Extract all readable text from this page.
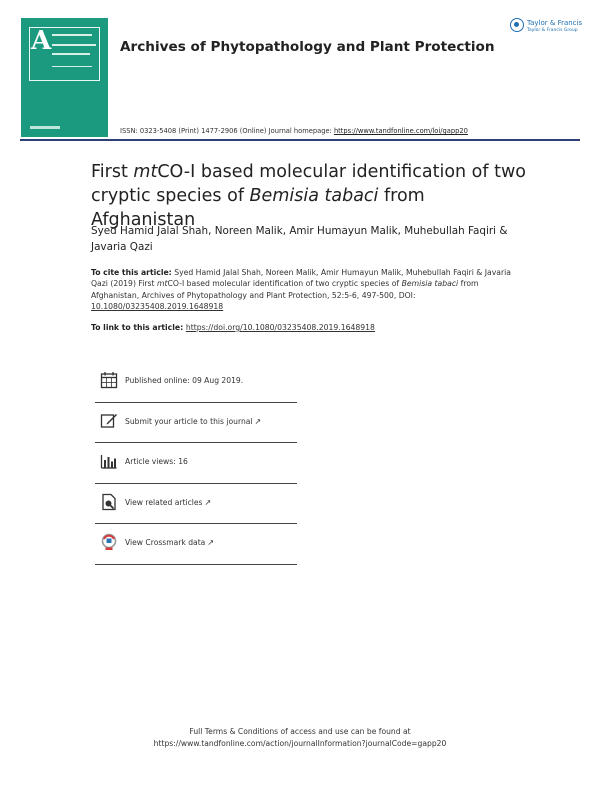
A	Archives of Phytopathology and Plant Protection
Taylor & Francis
Taylor & Francis Group
ISSN: 0323-5408 (Print) 1477-2906 (Online) Journal homepage: https://www.tandfonline.com/loi/gapp20
First mtCO-I based molecular identification of two cryptic species of Bemisia tabaci from Afghanistan
Syed Hamid Jalal Shah, Noreen Malik, Amir Humayun Malik, Muhebullah Faqiri & Javaria Qazi
To cite this article: Syed Hamid Jalal Shah, Noreen Malik, Amir Humayun Malik, Muhebullah Faqiri & Javaria Qazi (2019) First mtCO-I based molecular identification of two cryptic species of Bemisia tabaci from Afghanistan, Archives of Phytopathology and Plant Protection, 52:5-6, 497-500, DOI: 10.1080/03235408.2019.1648918
To link to this article: https://doi.org/10.1080/03235408.2019.1648918
Published online: 09 Aug 2019.
Submit your article to this journal ↗
Article views: 16
View related articles ↗
View Crossmark data ↗
Full Terms & Conditions of access and use can be found at
https://www.tandfonline.com/action/journalInformation?journalCode=gapp20
